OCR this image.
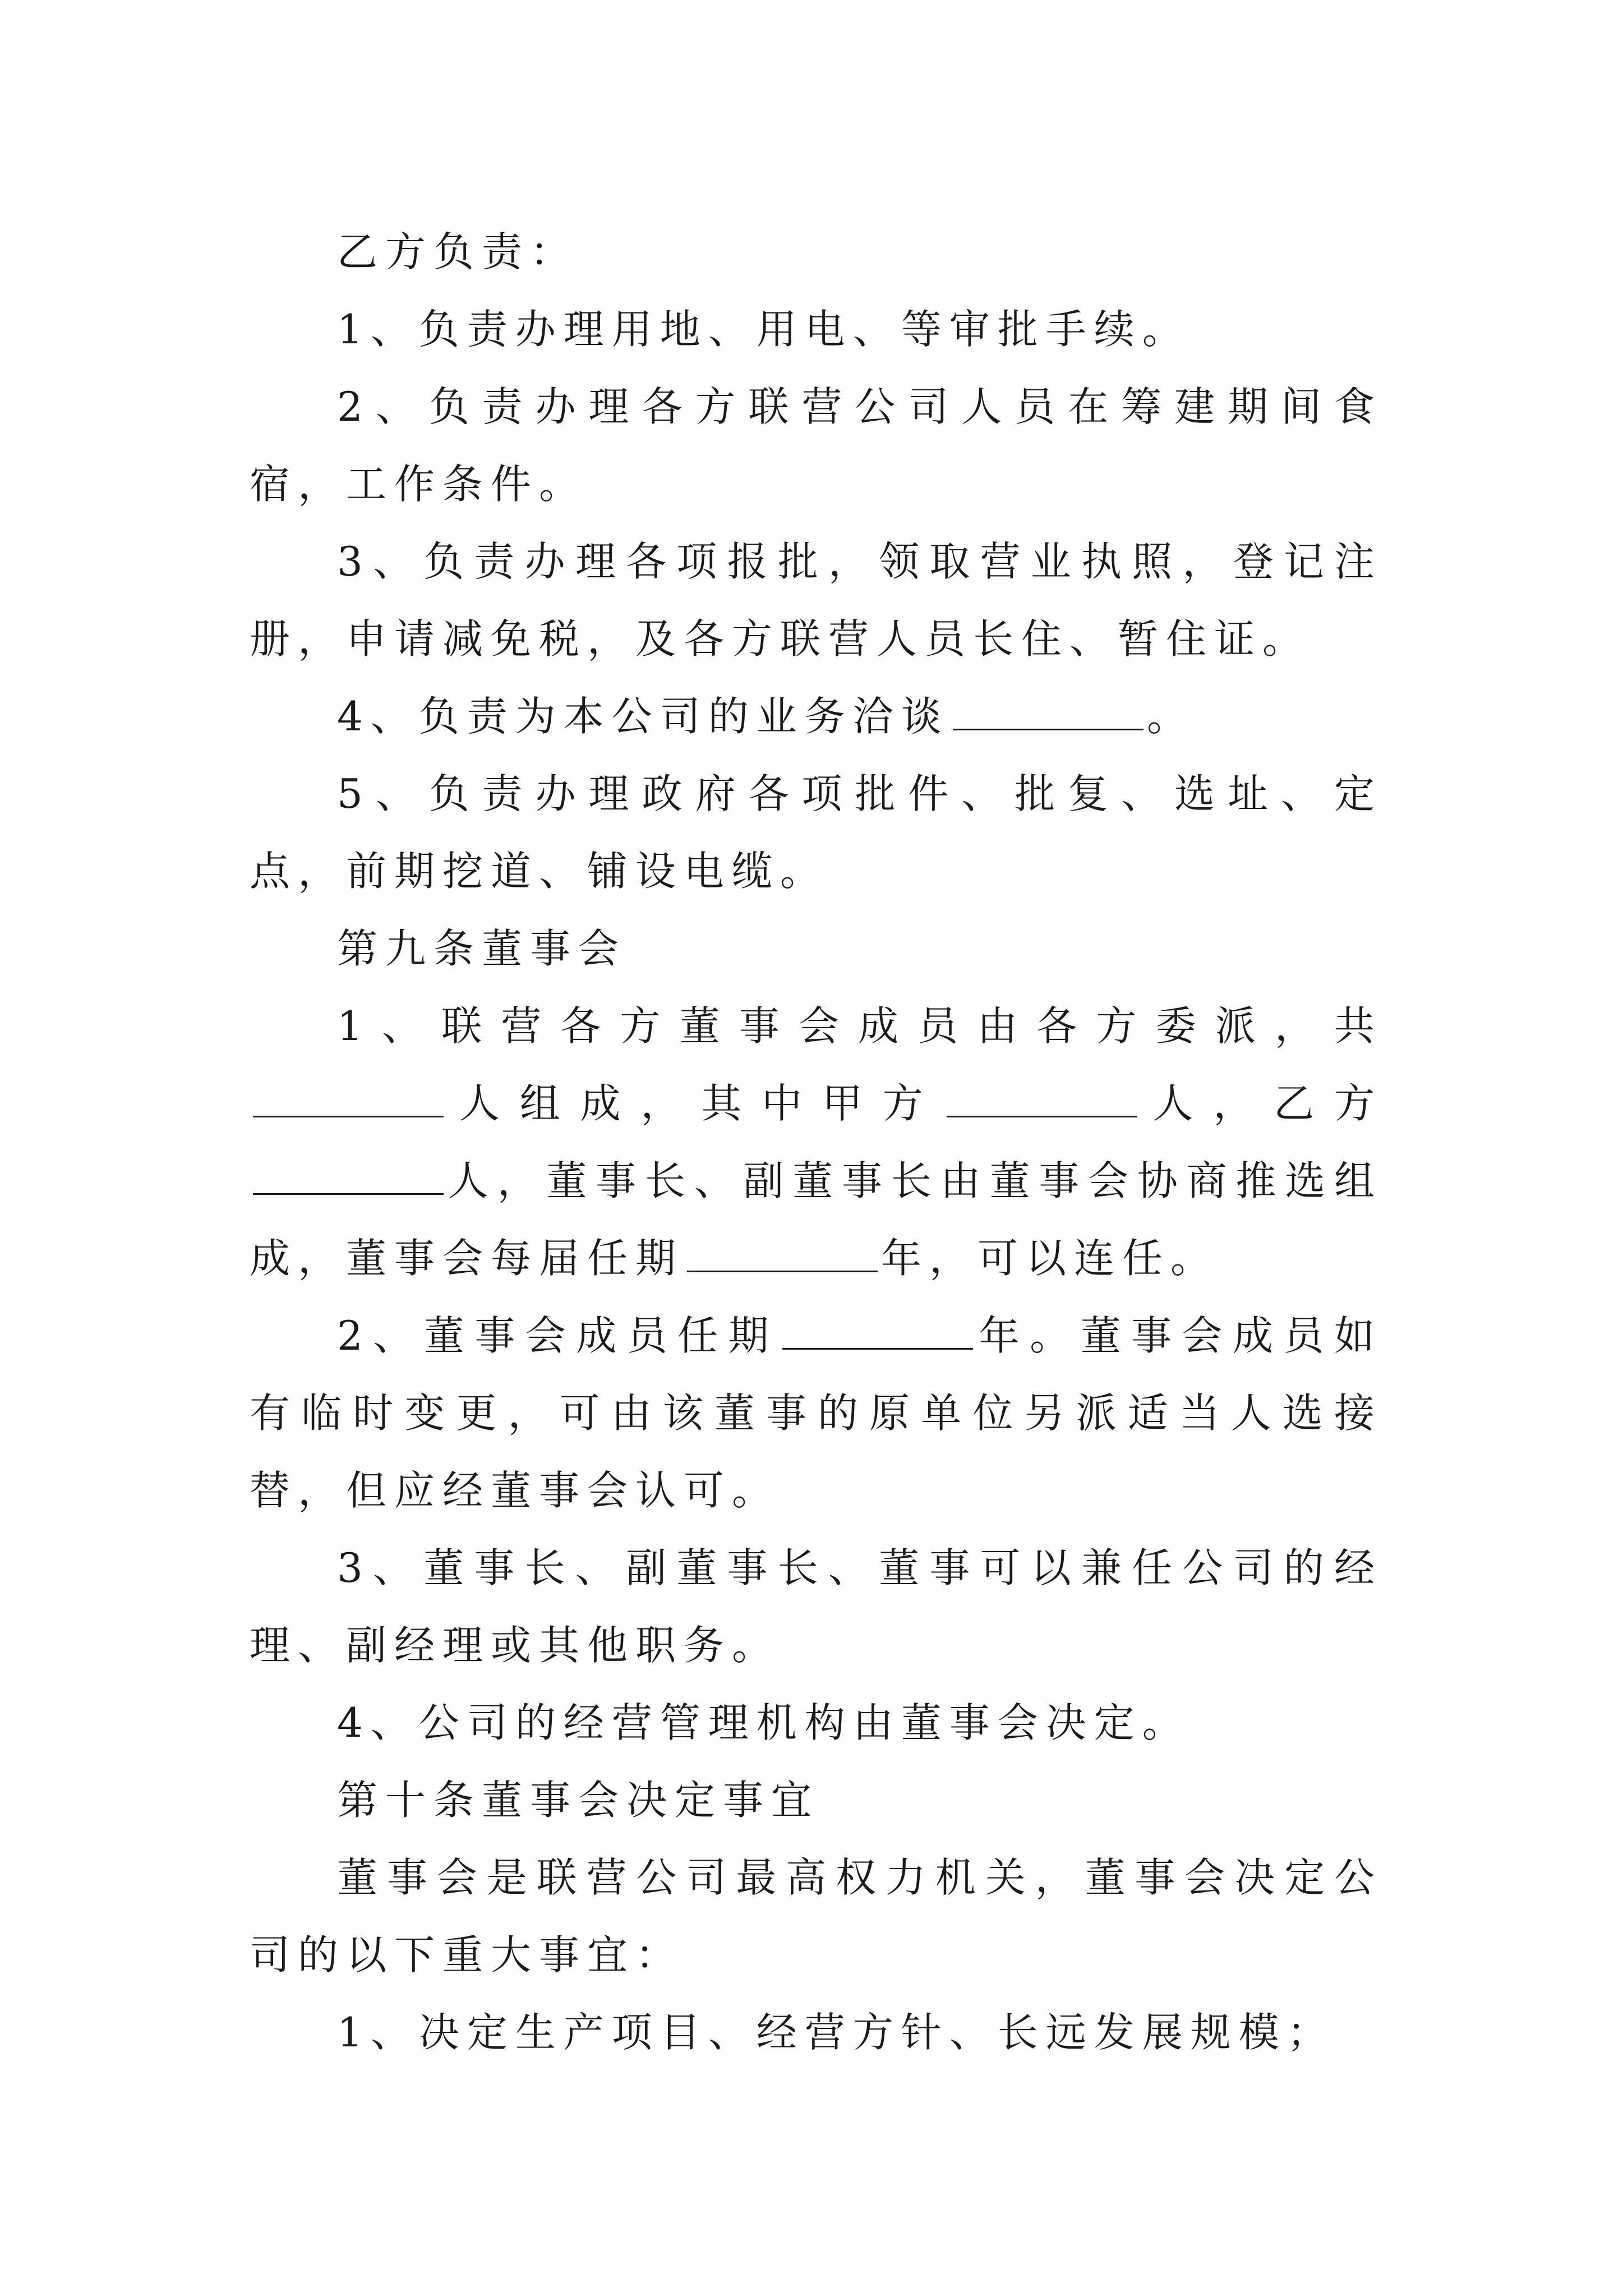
乙方负责：

1、负责办理用地、用电、等审批手续。

2、负责办理各方联营公司人员在筹建期间食宿，工作条件。

3、负责办理各项报批，领取营业执照，登记注册，申请减免税，及各方联营人员长住、暂住证。

4、负责为本公司的业务洽谈	。

5、负责办理政府各项批件、批复、选址、定点，前期挖道、铺设电缆。

第九条董事会

1、联营各方董事会成员由各方委派，共人组成，其中甲方	人，乙方人，董事长、副董事长由董事会协商推选组成，董事会每届任期	年，可以连任。

2、董事会成员任期	年。董事会成员如有临时变更，可由该董事的原单位另派适当人选接替，但应经董事会认可。

3、董事长、副董事长、董事可以兼任公司的经理、副经理或其他职务。

4、公司的经营管理机构由董事会决定。

第十条董事会决定事宜

董事会是联营公司最高权力机关，董事会决定公司的以下重大事宜：

1、决定生产项目、经营方针、长远发展规模；
